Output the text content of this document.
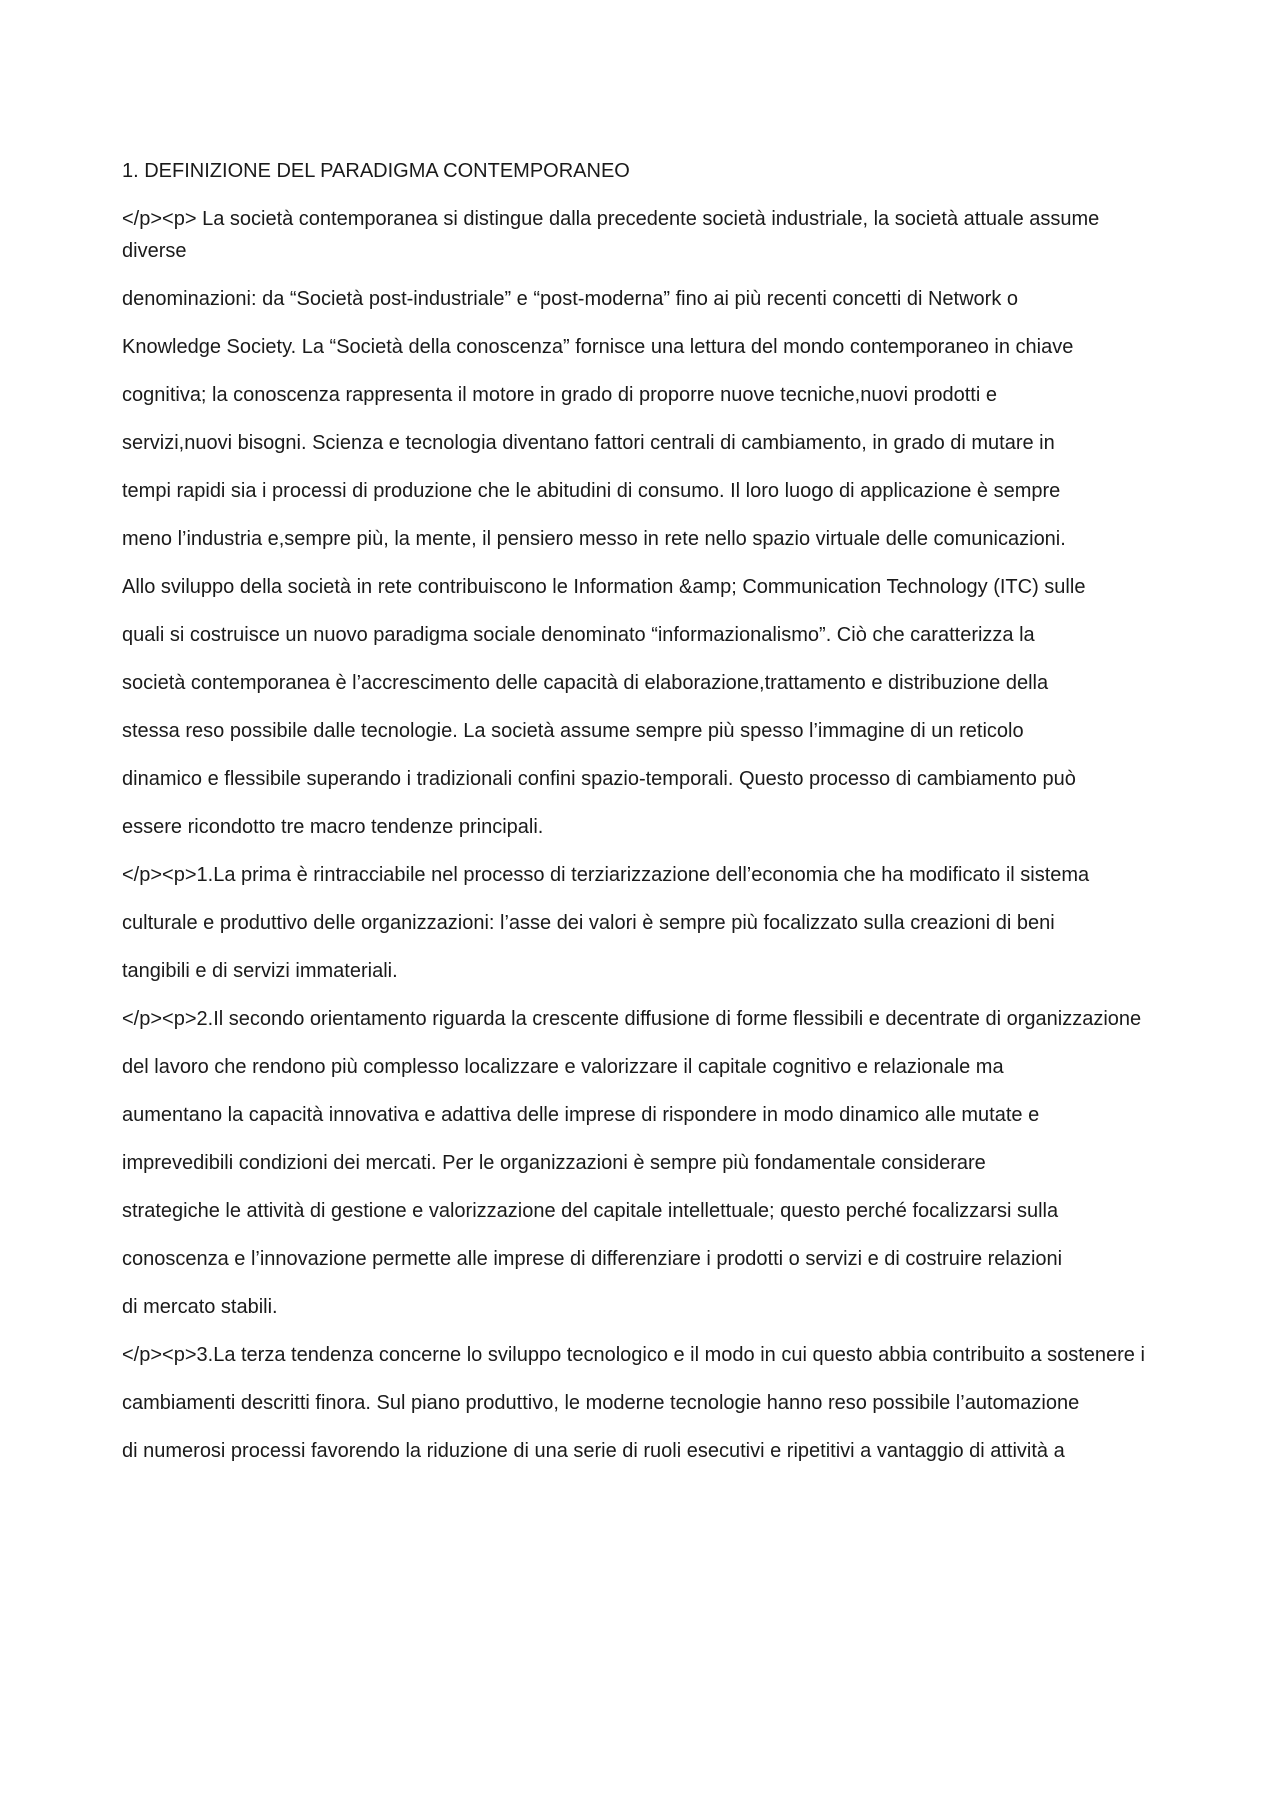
1. DEFINIZIONE DEL PARADIGMA CONTEMPORANEO

</p><p> La società contemporanea si distingue dalla precedente società industriale, la società attuale assume diverse

denominazioni: da “Società post-industriale” e “post-moderna” fino ai più recenti concetti di Network o

Knowledge Society. La “Società della conoscenza” fornisce una lettura del mondo contemporaneo in chiave

cognitiva; la conoscenza rappresenta il motore in grado di proporre nuove tecniche,nuovi prodotti e

servizi,nuovi bisogni. Scienza e tecnologia diventano fattori centrali di cambiamento, in grado di mutare in

tempi rapidi sia i processi di produzione che le abitudini di consumo. Il loro luogo di applicazione è sempre

meno l’industria e,sempre più, la mente, il pensiero messo in rete nello spazio virtuale delle comunicazioni.

Allo sviluppo della società in rete contribuiscono le Information &amp; Communication Technology (ITC) sulle

quali si costruisce un nuovo paradigma sociale denominato “informazionalismo”. Ciò che caratterizza la

società contemporanea è l’accrescimento delle capacità di elaborazione,trattamento e distribuzione della

stessa reso possibile dalle tecnologie. La società assume sempre più spesso l’immagine di un reticolo

dinamico e flessibile superando i tradizionali confini spazio-temporali. Questo processo di cambiamento può

essere ricondotto tre macro tendenze principali.

</p><p>1.La prima è rintracciabile nel processo di terziarizzazione dell’economia che ha modificato il sistema

culturale e produttivo delle organizzazioni: l’asse dei valori è sempre più focalizzato sulla creazioni di beni

tangibili e di servizi immateriali.

</p><p>2.Il secondo orientamento riguarda la crescente diffusione di forme flessibili e decentrate di organizzazione

del lavoro che rendono più complesso localizzare e valorizzare il capitale cognitivo e relazionale ma

aumentano la capacità innovativa e adattiva delle imprese di rispondere in modo dinamico alle mutate e

imprevedibili condizioni dei mercati. Per le organizzazioni è sempre più fondamentale considerare

strategiche le attività di gestione e valorizzazione del capitale intellettuale; questo perché focalizzarsi sulla

conoscenza e l’innovazione permette alle imprese di differenziare i prodotti o servizi e di costruire relazioni

di mercato stabili.

</p><p>3.La terza tendenza concerne lo sviluppo tecnologico e il modo in cui questo abbia contribuito a sostenere i

cambiamenti descritti finora. Sul piano produttivo, le moderne tecnologie hanno reso possibile l’automazione

di numerosi processi favorendo la riduzione di una serie di ruoli esecutivi e ripetitivi a vantaggio di attività a
